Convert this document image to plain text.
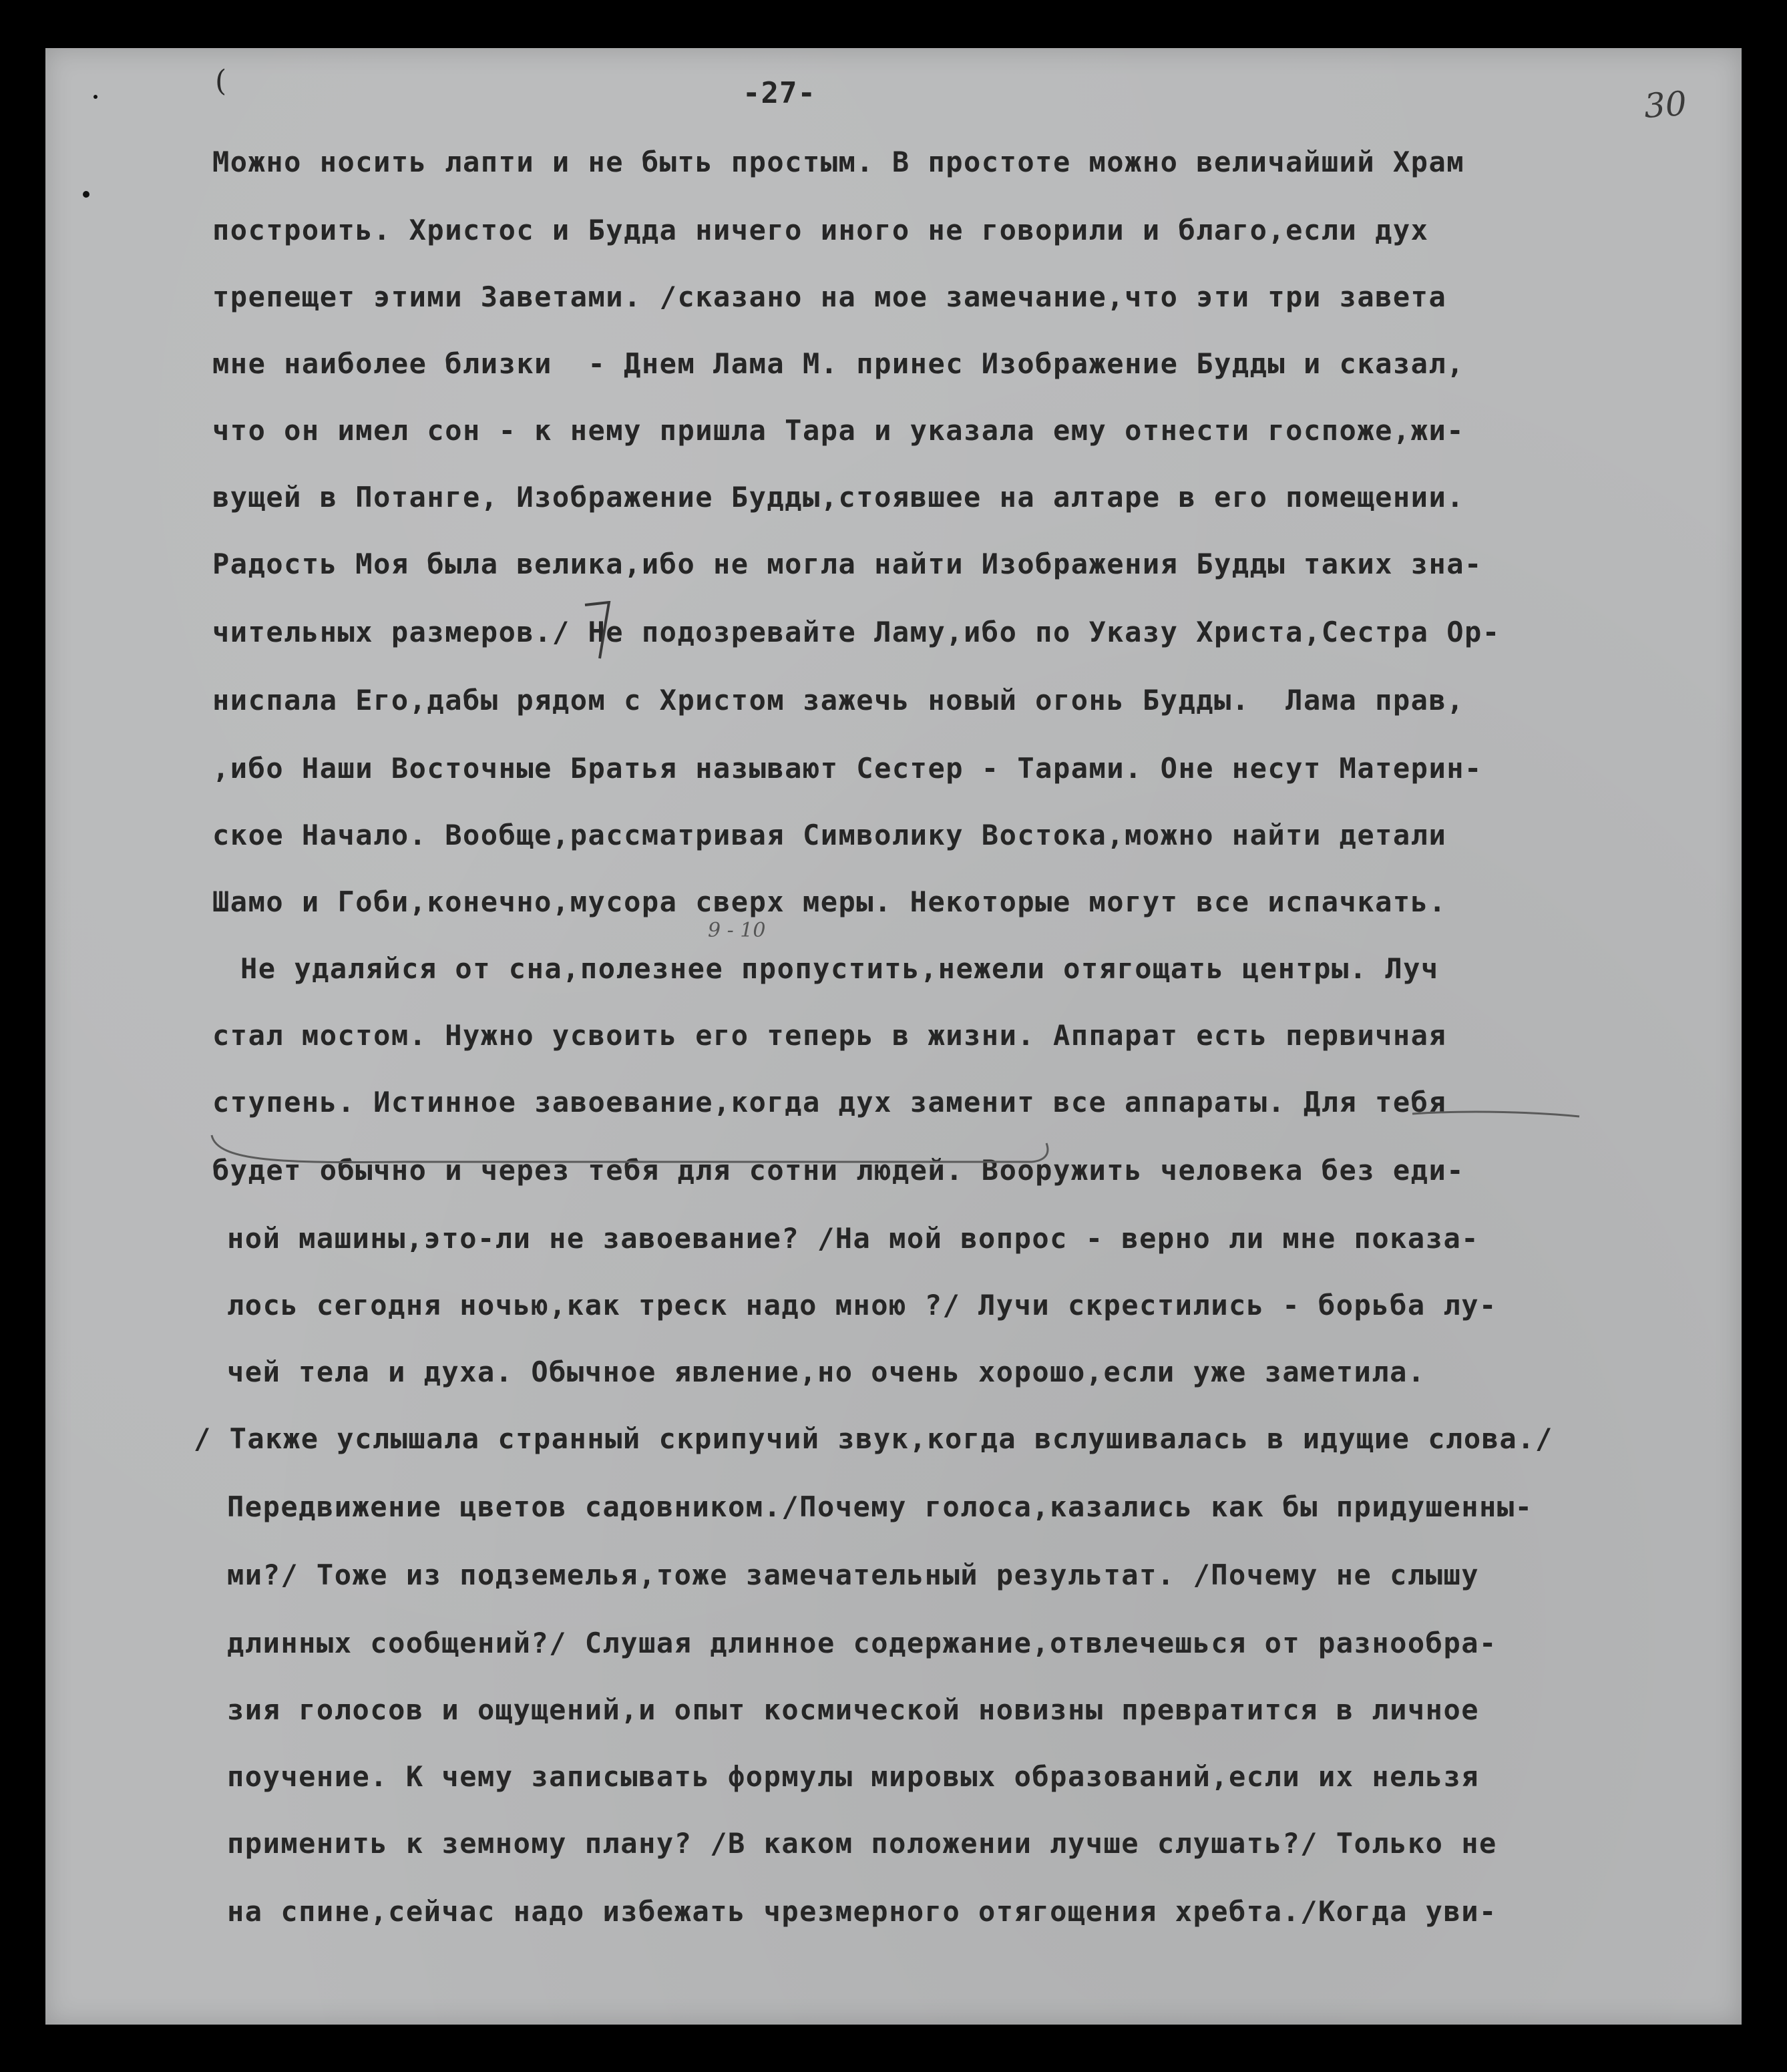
(	-27-	30
Можно носить лапти и не быть простым. В простоте можно величайший Храм
построить. Христос и Будда ничего иного не говорили и благо,если дух
трепещет этими Заветами. /сказано на мое замечание,что эти три завета
мне наиболее близки  - Днем Лама М. принес Изображение Будды и сказал,
что он имел сон - к нему пришла Тара и указала ему отнести госпоже,жи-
вущей в Потанге, Изображение Будды,стоявшее на алтаре в его помещении.
Радость Моя была велика,ибо не могла найти Изображения Будды таких зна-
чительных размеров./ Не подозревайте Ламу,ибо по Указу Христа,Сестра Ор-
ниспала Его,дабы рядом с Христом зажечь новый огонь Будды.  Лама прав,
,ибо Наши Восточные Братья называют Сестер - Тарами. Оне несут Материн-
ское Начало. Вообще,рассматривая Символику Востока,можно найти детали
Шамо и Гоби,конечно,мусора сверх меры. Некоторые могут все испачкать.
Не удаляйся от сна,полезнее пропустить,нежели отягощать центры. Луч
стал мостом. Нужно усвоить его теперь в жизни. Аппарат есть первичная
ступень. Истинное завоевание,когда дух заменит все аппараты. Для тебя
будет обычно и через тебя для сотни людей. Вооружить человека без еди-
ной машины,это-ли не завоевание? /На мой вопрос - верно ли мне показа-
лось сегодня ночью,как треск надо мною ?/ Лучи скрестились - борьба лу-
чей тела и духа. Обычное явление,но очень хорошо,если уже заметила.
/ Также услышала странный скрипучий звук,когда вслушивалась в идущие слова./
Передвижение цветов садовником./Почему голоса,казались как бы придушенны-
ми?/ Тоже из подземелья,тоже замечательный результат. /Почему не слышу
длинных сообщений?/ Слушая длинное содержание,отвлечешься от разнообра-
зия голосов и ощущений,и опыт космической новизны превратится в личное
поучение. К чему записывать формулы мировых образований,если их нельзя
применить к земному плану? /В каком положении лучше слушать?/ Только не
на спине,сейчас надо избежать чрезмерного отягощения хребта./Когда уви-
9 - 10
